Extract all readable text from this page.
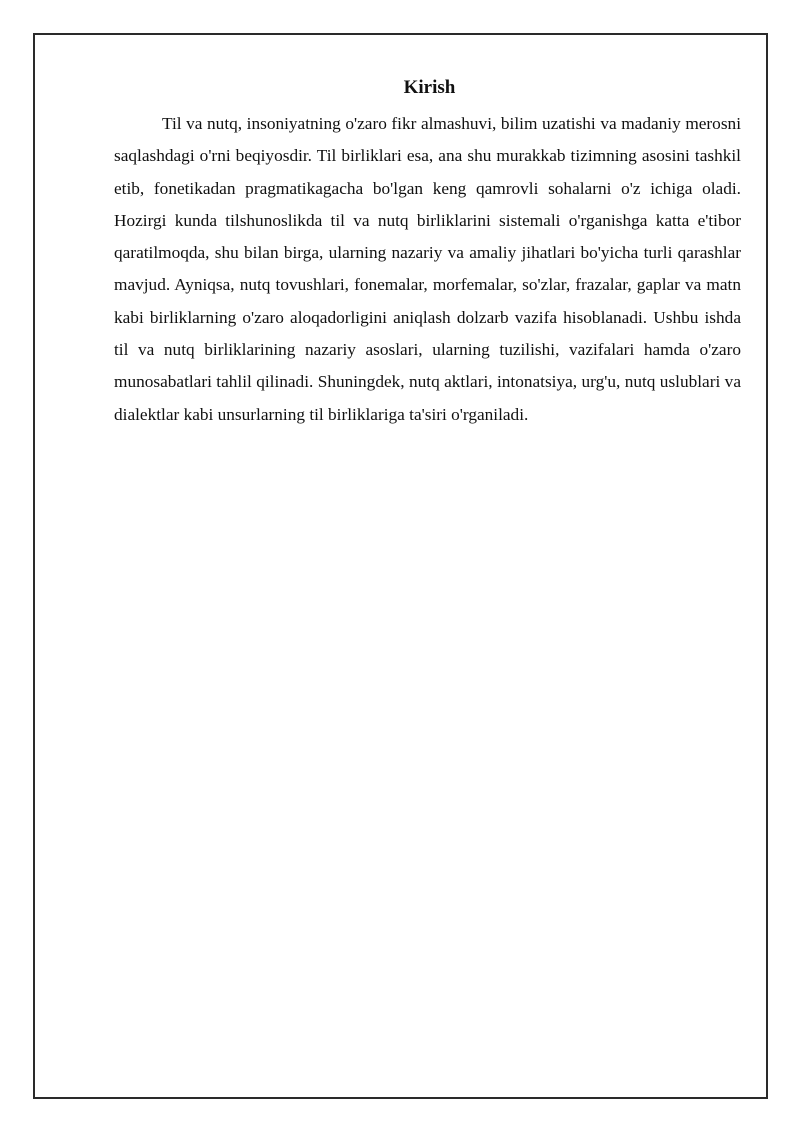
Kirish

Til va nutq, insoniyatning o'zaro fikr almashuvi, bilim uzatishi va madaniy merosni saqlashdagi o'rni beqiyosdir. Til birliklari esa, ana shu murakkab tizimning asosini tashkil etib, fonetikadan pragmatikagacha bo'lgan keng qamrovli sohalarni o'z ichiga oladi. Hozirgi kunda tilshunoslikda til va nutq birliklarini sistemali o'rganishga katta e'tibor qaratilmoqda, shu bilan birga, ularning nazariy va amaliy jihatlari bo'yicha turli qarashlar mavjud. Ayniqsa, nutq tovushlari, fonemalar, morfemalar, so'zlar, frazalar, gaplar va matn kabi birliklarning o'zaro aloqadorligini aniqlash dolzarb vazifa hisoblanadi. Ushbu ishda til va nutq birliklarining nazariy asoslari, ularning tuzilishi, vazifalari hamda o'zaro munosabatlari tahlil qilinadi. Shuningdek, nutq aktlari, intonatsiya, urg'u, nutq uslublari va dialektlar kabi unsurlarning til birliklariga ta'siri o'rganiladi.
